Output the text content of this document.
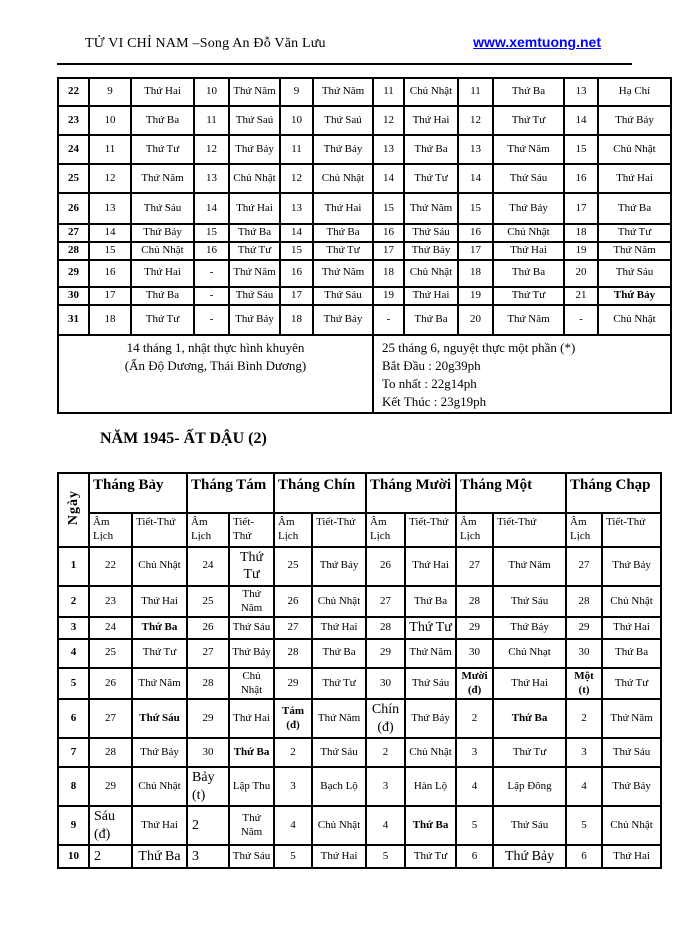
TỬ VI CHỈ NAM –Song An Đỗ Văn Lưu	www.xemtuong.net
22	9	Thứ Hai	10	Thứ Năm	9	Thứ Năm	11	Chủ Nhật	11	Thứ Ba	13	Hạ Chí
23	10	Thứ Ba	11	Thứ Saú	10	Thứ Saú	12	Thứ Hai	12	Thứ Tư	14	Thứ Bảy
24	11	Thứ Tư	12	Thứ Bảy	11	Thứ Bảy	13	Thứ Ba	13	Thứ Năm	15	Chủ Nhật
25	12	Thứ Năm	13	Chủ Nhật	12	Chủ Nhật	14	Thứ Tư	14	Thứ Sáu	16	Thứ Hai
26	13	Thứ Sáu	14	Thứ Hai	13	Thứ Hai	15	Thứ Năm	15	Thứ Bảy	17	Thứ Ba
27	14	Thứ Bảy	15	Thứ Ba	14	Thứ Ba	16	Thứ Sáu	16	Chủ Nhật	18	Thứ Tư
28	15	Chủ Nhật	16	Thứ Tư	15	Thứ Tư	17	Thứ Bảy	17	Thứ Hai	19	Thứ Năm
29	16	Thứ Hai	-	Thứ Năm	16	Thứ Năm	18	Chủ Nhật	18	Thứ Ba	20	Thứ Sáu
30	17	Thứ Ba	-	Thứ Sáu	17	Thứ Sáu	19	Thứ Hai	19	Thứ Tư	21	Thứ Bảy
31	18	Thứ Tư	-	Thứ Bảy	18	Thứ Bảy	-	Thứ Ba	20	Thứ Năm	-	Chủ Nhật

14 tháng 1, nhật thực hình khuyên
(Ấn Độ Dương, Thái Bình Dương)

25 tháng 6, nguyệt thực một phần (*)
Bắt Đầu : 20g39ph
To nhất : 22g14ph
Kết Thúc : 23g19ph
NĂM 1945- ẤT DẬU (2)
Ngày	Tháng Bảy		Tháng Tám		Tháng Chín		Tháng Mười		Tháng Một		Tháng Chạp	
	Âm Lịch	Tiết-Thứ	Âm Lịch	Tiết-Thứ	Âm Lịch	Tiết-Thứ	Âm Lịch	Tiết-Thứ	Âm Lịch	Tiết-Thứ	Âm Lịch	Tiết-Thứ
1	22	Chủ Nhật	24	Thứ Tư	25	Thứ Bảy	26	Thứ Hai	27	Thứ Năm	27	Thứ Bảy
2	23	Thứ Hai	25	Thứ Năm	26	Chủ Nhật	27	Thứ Ba	28	Thứ Sáu	28	Chủ Nhật
3	24	Thứ Ba	26	Thứ Sáu	27	Thứ Hai	28	Thứ Tư	29	Thứ Bảy	29	Thứ Hai
4	25	Thứ Tư	27	Thứ Bảy	28	Thứ Ba	29	Thứ Năm	30	Chủ Nhạt	30	Thứ Ba
5	26	Thứ Năm	28	Chủ Nhật	29	Thứ Tư	30	Thứ Sáu	Mười (đ)	Thứ Hai	Một (t)	Thứ Tư
6	27	Thứ Sáu	29	Thứ Hai	Tám (đ)	Thứ Năm	Chín (đ)	Thứ Bảy	2	Thứ Ba	2	Thứ Năm
7	28	Thứ Bảy	30	Thứ Ba	2	Thứ Sáu	2	Chủ Nhật	3	Thứ Tư	3	Thứ Sáu
8	29	Chủ Nhật	Bảy (t)	Lập Thu	3	Bạch Lộ	3	Hàn Lộ	4	Lập Đông	4	Thứ Bảy
9	Sáu (đ)	Thứ Hai	2	Thứ Năm	4	Chủ Nhật	4	Thứ Ba	5	Thứ Sáu	5	Chủ Nhật
10	2	Thứ Ba	3	Thứ Sáu	5	Thứ Hai	5	Thứ Tư	6	Thứ Bảy	6	Thứ Hai
